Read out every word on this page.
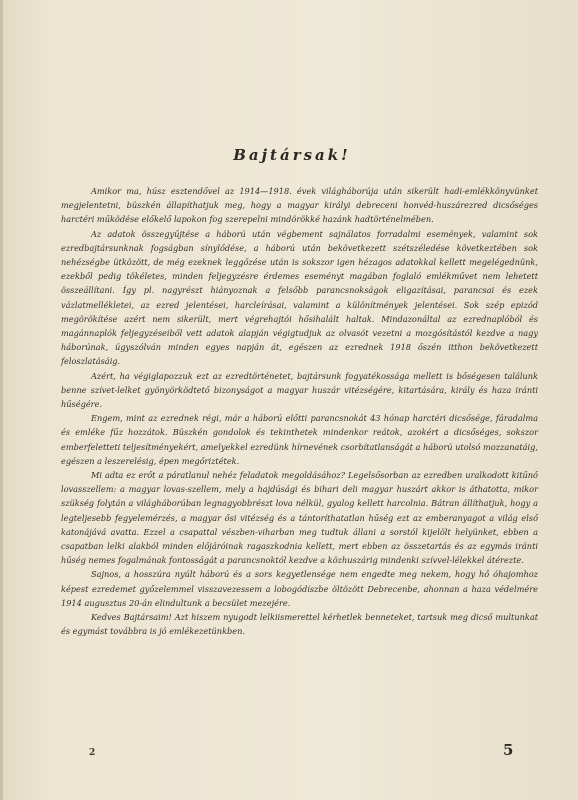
Bajtársak!

Amikor ma, húsz esztendővel az 1914—1918. évek világháborúja után sikerült hadi-emlékkönyvünket megjelentetni, büszkén állapíthatjuk meg, hogy a magyar királyi debreceni honvéd-huszárezred dicsőséges harctéri működése előkelő lapokon fog szerepelni mindörökké hazánk hadtörténelmében.

Az adatok összegyűjtése a háború után végbement sajnálatos forradalmi események, valamint sok ezredbajtársunknak fogságban sínylődése, a háború után bekövetkezett szétszéledése következtében sok nehézségbe ütközött, de még ezeknek leggőzése után is sokszor igen hézagos adatokkal kellett megelégednünk, ezekből pedig tökéletes, minden feljegyzésre érdemes eseményt magában foglaló emlékművet nem lehetett összeállítani. Így pl. nagyrészt hiányoznak a felsőbb parancsnokságok eligazításai, parancsai és ezek vázlatmellékletei, az ezred jelentései, harcleírásai, valamint a különítmények jelentései. Sok szép epizód megörökítése azért nem sikerült, mert végrehajtói hősihalált haltak. Mindazonáltal az ezrednaplóból és magánnaplók feljegyzéseiből vett adatok alapján végigtudjuk az olvasót vezetni a mozgósítástól kezdve a nagy háborúnak, úgyszólván minden egyes napján át, egészen az ezrednek 1918 őszén itthon bekövetkezett feloszlatásáig.

Azért, ha végiglapozzuk ezt az ezredtörténetet, bajtársunk fogyatékossága mellett is bőségesen találunk benne szívet-lelket gyönyörködtető bizonyságot a magyar huszár vitézségére, kitartására, király és haza iránti hűségére.

Engem, mint az ezrednek régi, már a háború előtti parancsnokát 43 hónap harctéri dicsősége, fáradalma és emléke fűz hozzátok. Büszkén gondolok és tekinthetek mindenkor reátok, azokért a dicsőséges, sokszor emberfeletteti teljesítményekért, amelyekkel ezredünk hírnevének csorbítatlanságát a háború utolsó mozzanatáig, egészen a leszerelésig, épen megőriztétek.

Mi adta ez erőt a páratlanul nehéz feladatok megoldásához? Legelsősorban az ezredben uralkodott kitűnő lovasszellem: a magyar lovas-szellem, mely a hajdúsági és bihari deli magyar huszárt akkor is áthatotta, mikor szükség folytán a világháborúban legnagyobbrészt lova nélkül, gyalog kellett harcolnia. Bátran állíthatjuk, hogy a legteljesebb fegyelemérzés, a magyar ősi vitézség és a tántoríthatatlan hűség ezt az emberanyagot a világ első katonájává avatta. Ezzel a csapattal vészben-viharban meg tudtuk állani a sorstól kijelölt helyünket, ebben a csapatban lelki alakból minden előjáróinak ragaszkodnia kellett, mert ebben az összetartás és az egymás iránti hűség nemes fogalmának fontosságát a parancsnoktól kezdve a közhuszárig mindenki szívvel-lélekkel átérezte.

Sajnos, a hosszúra nyúlt háború és a sors kegyetlensége nem engedte meg nekem, hogy hő óhajomhoz képest ezredemet győzelemmel visszavezessem a lobogódíszbe öltözött Debrecenbe, ahonnan a haza védelmére 1914 augusztus 20-án elindultunk a becsület mezejére.

Kedves Bajtársaim! Azt hiszem nyugodt lelkiismerettel kérhetlek benneteket, tartsuk meg dicső multunkat és egymást továbbra is jó emlékezetünkben.

2	5
